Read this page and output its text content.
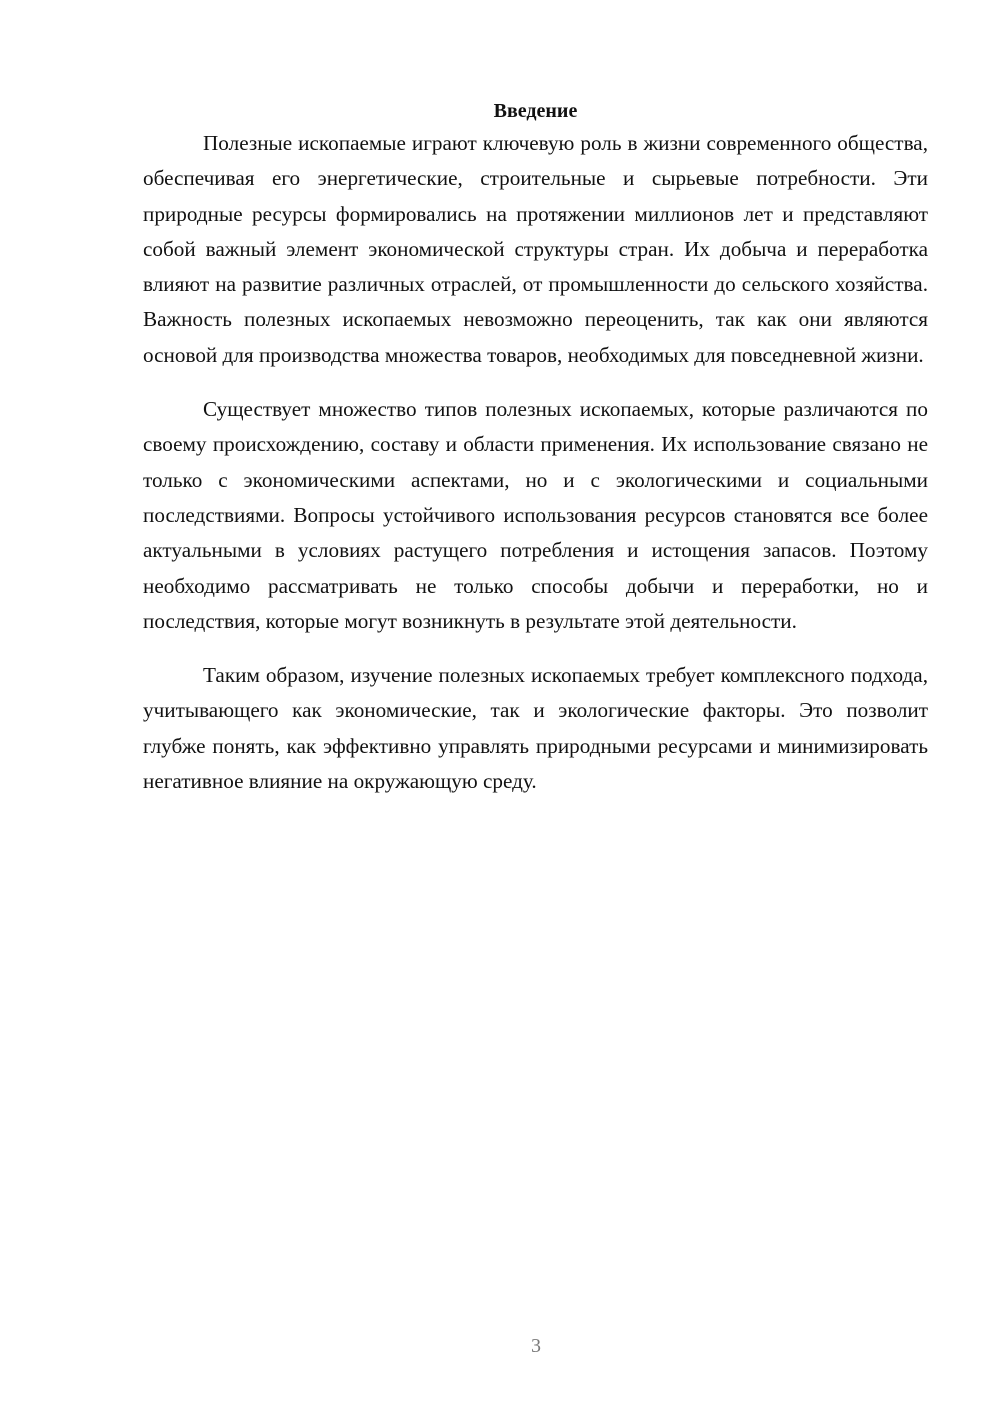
Введение

Полезные ископаемые играют ключевую роль в жизни современного общества, обеспечивая его энергетические, строительные и сырьевые потребности. Эти природные ресурсы формировались на протяжении миллионов лет и представляют собой важный элемент экономической структуры стран. Их добыча и переработка влияют на развитие различных отраслей, от промышленности до сельского хозяйства. Важность полезных ископаемых невозможно переоценить, так как они являются основой для производства множества товаров, необходимых для повседневной жизни.

Существует множество типов полезных ископаемых, которые различаются по своему происхождению, составу и области применения. Их использование связано не только с экономическими аспектами, но и с экологическими и социальными последствиями. Вопросы устойчивого использования ресурсов становятся все более актуальными в условиях растущего потребления и истощения запасов. Поэтому необходимо рассматривать не только способы добычи и переработки, но и последствия, которые могут возникнуть в результате этой деятельности.

Таким образом, изучение полезных ископаемых требует комплексного подхода, учитывающего как экономические, так и экологические факторы. Это позволит глубже понять, как эффективно управлять природными ресурсами и минимизировать негативное влияние на окружающую среду.

3
